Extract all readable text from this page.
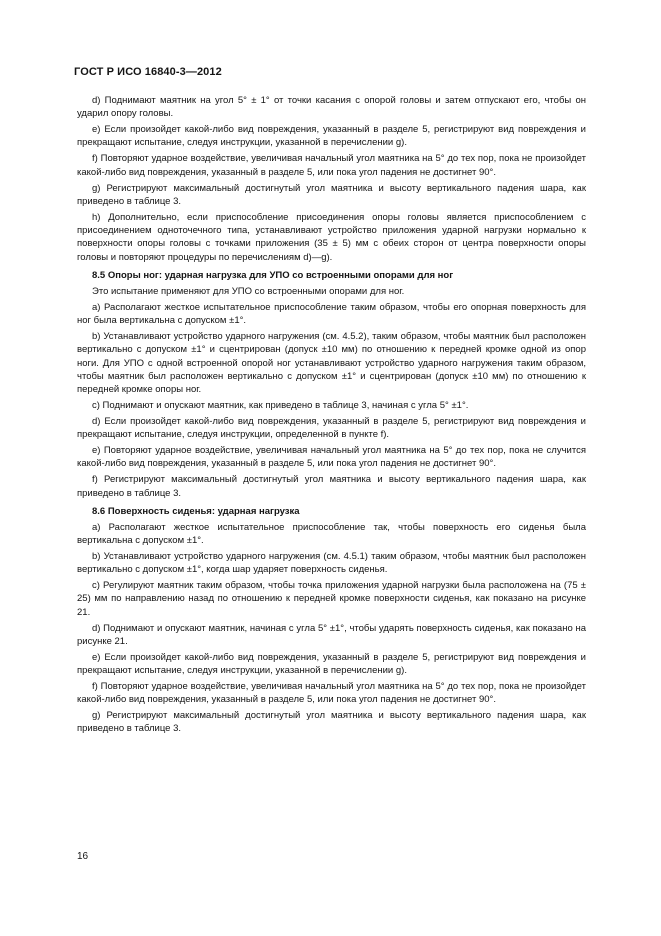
ГОСТ Р ИСО 16840-3—2012

d) Поднимают маятник на угол 5° ± 1° от точки касания с опорой головы и затем отпускают его, чтобы он ударил опору головы.

e) Если произойдет какой-либо вид повреждения, указанный в разделе 5, регистрируют вид повреждения и прекращают испытание, следуя инструкции, указанной в перечислении g).

f) Повторяют ударное воздействие, увеличивая начальный угол маятника на 5° до тех пор, пока не произойдет какой-либо вид повреждения, указанный в разделе 5, или пока угол падения не достигнет 90°.

g) Регистрируют максимальный достигнутый угол маятника и высоту вертикального падения шара, как приведено в таблице 3.

h) Дополнительно, если приспособление присоединения опоры головы является приспособлением с присоединением одноточечного типа, устанавливают устройство приложения ударной нагрузки нормально к поверхности опоры головы с точками приложения (35 ± 5) мм с обеих сторон от центра поверхности опоры головы и повторяют процедуры по перечислениям d)—g).

8.5 Опоры ног: ударная нагрузка для УПО со встроенными опорами для ног

Это испытание применяют для УПО со встроенными опорами для ног.

а) Располагают жесткое испытательное приспособление таким образом, чтобы его опорная поверхность для ног была вертикальна с допуском ±1°.

b) Устанавливают устройство ударного нагружения (см. 4.5.2), таким образом, чтобы маятник был расположен вертикально с допуском ±1° и сцентрирован (допуск ±10 мм) по отношению к передней кромке одной из опор ноги. Для УПО с одной встроенной опорой ног устанавливают устройство ударного нагружения таким образом, чтобы маятник был расположен вертикально с допуском ±1° и сцентрирован (допуск ±10 мм) по отношению к передней кромке опоры ног.

c) Поднимают и опускают маятник, как приведено в таблице 3, начиная с угла 5° ±1°.

d) Если произойдет какой-либо вид повреждения, указанный в разделе 5, регистрируют вид повреждения и прекращают испытание, следуя инструкции, определенной в пункте f).

e) Повторяют ударное воздействие, увеличивая начальный угол маятника на 5° до тех пор, пока не случится какой-либо вид повреждения, указанный в разделе 5, или пока угол падения не достигнет 90°.

f) Регистрируют максимальный достигнутый угол маятника и высоту вертикального падения шара, как приведено в таблице 3.

8.6 Поверхность сиденья: ударная нагрузка

а) Располагают жесткое испытательное приспособление так, чтобы поверхность его сиденья была вертикальна с допуском ±1°.

b) Устанавливают устройство ударного нагружения (см. 4.5.1) таким образом, чтобы маятник был расположен вертикально с допуском ±1°, когда шар ударяет поверхность сиденья.

c) Регулируют маятник таким образом, чтобы точка приложения ударной нагрузки была расположена на (75 ± 25) мм по направлению назад по отношению к передней кромке поверхности сиденья, как показано на рисунке 21.

d) Поднимают и опускают маятник, начиная с угла 5° ±1°, чтобы ударять поверхность сиденья, как показано на рисунке 21.

e) Если произойдет какой-либо вид повреждения, указанный в разделе 5, регистрируют вид повреждения и прекращают испытание, следуя инструкции, указанной в перечислении g).

f) Повторяют ударное воздействие, увеличивая начальный угол маятника на 5° до тех пор, пока не произойдет какой-либо вид повреждения, указанный в разделе 5, или пока угол падения не достигнет 90°.

g) Регистрируют максимальный достигнутый угол маятника и высоту вертикального падения шара, как приведено в таблице 3.

16
